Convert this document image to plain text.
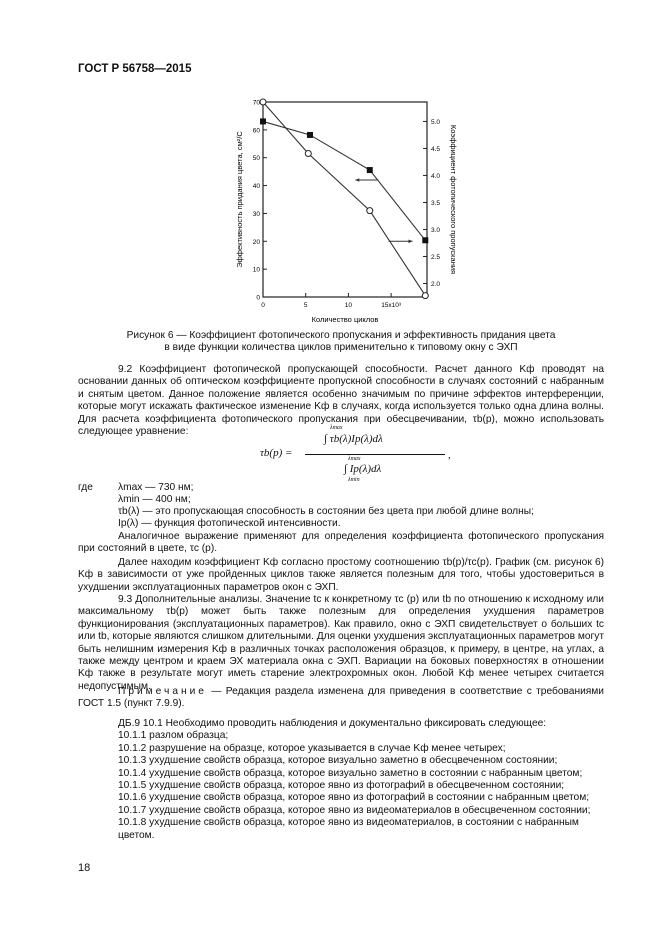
ГОСТ Р 56758—2015
0
10
20
30
40
50
60
70
2.0
2.5
3.0
3.5
4.0
4.5
5.0
0	5	10	15x10³
Количество циклов
Эффективность придания цвета, см²/C	Коэффициент фотопического пропускания
Рисунок 6 — Коэффициент фотопического пропускания и эффективность придания цвета
в виде функции количества циклов применительно к типовому окну с ЭХП
9.2 Коэффициент фотопической пропускающей способности. Расчет данного Kф проводят на основании данных об оптическом коэффициенте пропускной способности в случаях состояний с набранным и снятым цветом. Данное положение является особенно значимым по причине эффектов интерференции, которые могут искажать фактическое изменение Kф в случаях, когда используется только одна длина волны. Для расчета коэффициента фотопического пропускания при обесцвечивании, τb(p), можно использовать следующее уравнение:
τb(p) =
λmax
∫ τb(λ)Ip(λ)dλ
,
λmax
∫ Ip(λ)dλ
λmin
где λmax — 730 нм;
λmin — 400 нм;
τb(λ) — это пропускающая способность в состоянии без цвета при любой длине волны;
Ip(λ) — функция фотопической интенсивности.
Аналогичное выражение применяют для определения коэффициента фотопического пропускания при состояний в цвете, τc (p).
Далее находим коэффициент Kф согласно простому соотношению τb(p)/τc(p). График (см. рисунок 6) Kф в зависимости от уже пройденных циклов также является полезным для того, чтобы удостовериться в ухудшении эксплуатационных параметров окон с ЭХП.
9.3 Дополнительные анализы. Значение tc к конкретному τc (p) или tb по отношению к исходному или максимальному τb(p) может быть также полезным для определения ухудшения параметров функционирования (эксплуатационных параметров). Как правило, окно с ЭХП свидетельствует о больших tc или tb, которые являются слишком длительными. Для оценки ухудшения эксплуатационных параметров могут быть нелишним измерения Kф в различных точках расположения образцов, к примеру, в центре, на углах, а также между центром и краем ЭХ материала окна с ЭХП. Вариации на боковых поверхностях в отношении Kф также в результате могут иметь старение электрохромных окон. Любой Kф менее четырех считается недопустимым.
Примечание — Редакция раздела изменена для приведения в соответствие с требованиями ГОСТ 1.5 (пункт 7.9.9).
ДБ.9 10.1 Необходимо проводить наблюдения и документально фиксировать следующее:
10.1.1 разлом образца;
10.1.2 разрушение на образце, которое указывается в случае Kф менее четырех;
10.1.3 ухудшение свойств образца, которое визуально заметно в обесцвеченном состоянии;
10.1.4 ухудшение свойств образца, которое визуально заметно в состоянии с набранным цветом;
10.1.5 ухудшение свойств образца, которое явно из фотографий в обесцвеченном состоянии;
10.1.6 ухудшение свойств образца, которое явно из фотографий в состоянии с набранным цветом;
10.1.7 ухудшение свойств образца, которое явно из видеоматериалов в обесцвеченном состоянии;
10.1.8 ухудшение свойств образца, которое явно из видеоматериалов, в состоянии с набранным цветом.
18
